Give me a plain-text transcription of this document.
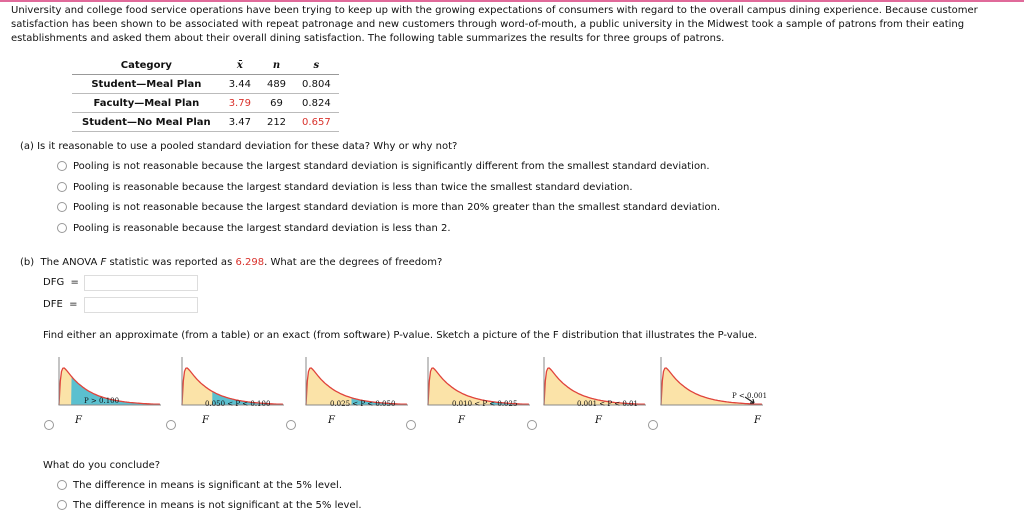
University and college food service operations have been trying to keep up with the growing expectations of consumers with regard to the overall campus dining experience. Because customer satisfaction has been shown to be associated with repeat patronage and new customers through word-of-mouth, a public university in the Midwest took a sample of patrons from their eating establishments and asked them about their overall dining satisfaction. The following table summarizes the results for three groups of patrons.
Category	x̄	n	s
Student—Meal Plan	3.44	489	0.804
Faculty—Meal Plan	3.79	69	0.824
Student—No Meal Plan	3.47	212	0.657
(a) Is it reasonable to use a pooled standard deviation for these data? Why or why not?
Pooling is not reasonable because the largest standard deviation is significantly different from the smallest standard deviation.
Pooling is reasonable because the largest standard deviation is less than twice the smallest standard deviation.
Pooling is not reasonable because the largest standard deviation is more than 20% greater than the smallest standard deviation.
Pooling is reasonable because the largest standard deviation is less than 2.
(b)  The ANOVA F statistic was reported as 6.298. What are the degrees of freedom?
DFG  =
DFE  =
Find either an approximate (from a table) or an exact (from software) P-value. Sketch a picture of the F distribution that illustrates the P-value.
P > 0.100	0.050 < P < 0.100	0.025 < P < 0.050	0.010 < P < 0.025	0.001 < P < 0.01
P < 0.001
F	F	F	F	F	F
What do you conclude?
The difference in means is significant at the 5% level.
The difference in means is not significant at the 5% level.
